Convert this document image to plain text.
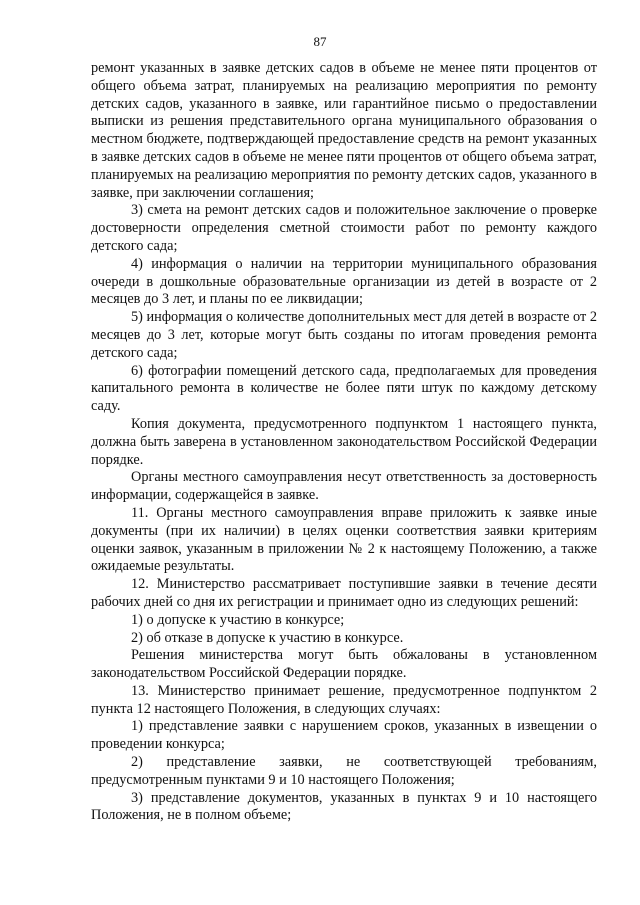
87

ремонт указанных в заявке детских садов в объеме не менее пяти процентов от общего объема затрат, планируемых на реализацию мероприятия по ремонту детских садов, указанного в заявке, или гарантийное письмо о предоставлении выписки из решения представительного органа муниципального образования о местном бюджете, подтверждающей предоставление средств на ремонт указанных в заявке детских садов в объеме не менее пяти процентов от общего объема затрат, планируемых на реализацию мероприятия по ремонту детских садов, указанного в заявке, при заключении соглашения;

3) смета на ремонт детских садов и положительное заключение о проверке достоверности определения сметной стоимости работ по ремонту каждого детского сада;

4) информация о наличии на территории муниципального образования очереди в дошкольные образовательные организации из детей в возрасте от 2 месяцев до 3 лет, и планы по ее ликвидации;

5) информация о количестве дополнительных мест для детей в возрасте от 2 месяцев до 3 лет, которые могут быть созданы по итогам проведения ремонта детского сада;

6) фотографии помещений детского сада, предполагаемых для проведения капитального ремонта в количестве не более пяти штук по каждому детскому саду.

Копия документа, предусмотренного подпунктом 1 настоящего пункта, должна быть заверена в установленном законодательством Российской Федерации порядке.

Органы местного самоуправления несут ответственность за достоверность информации, содержащейся в заявке.

11. Органы местного самоуправления вправе приложить к заявке иные документы (при их наличии) в целях оценки соответствия заявки критериям оценки заявок, указанным в приложении № 2 к настоящему Положению, а также ожидаемые результаты.

12. Министерство рассматривает поступившие заявки в течение десяти рабочих дней со дня их регистрации и принимает одно из следующих решений:

1) о допуске к участию в конкурсе;

2) об отказе в допуске к участию в конкурсе.

Решения министерства могут быть обжалованы в установленном законодательством Российской Федерации порядке.

13. Министерство принимает решение, предусмотренное подпунктом 2 пункта 12 настоящего Положения, в следующих случаях:

1) представление заявки с нарушением сроков, указанных в извещении о проведении конкурса;

2) представление заявки, не соответствующей требованиям, предусмотренным пунктами 9 и 10 настоящего Положения;

3) представление документов, указанных в пунктах 9 и 10 настоящего Положения, не в полном объеме;
